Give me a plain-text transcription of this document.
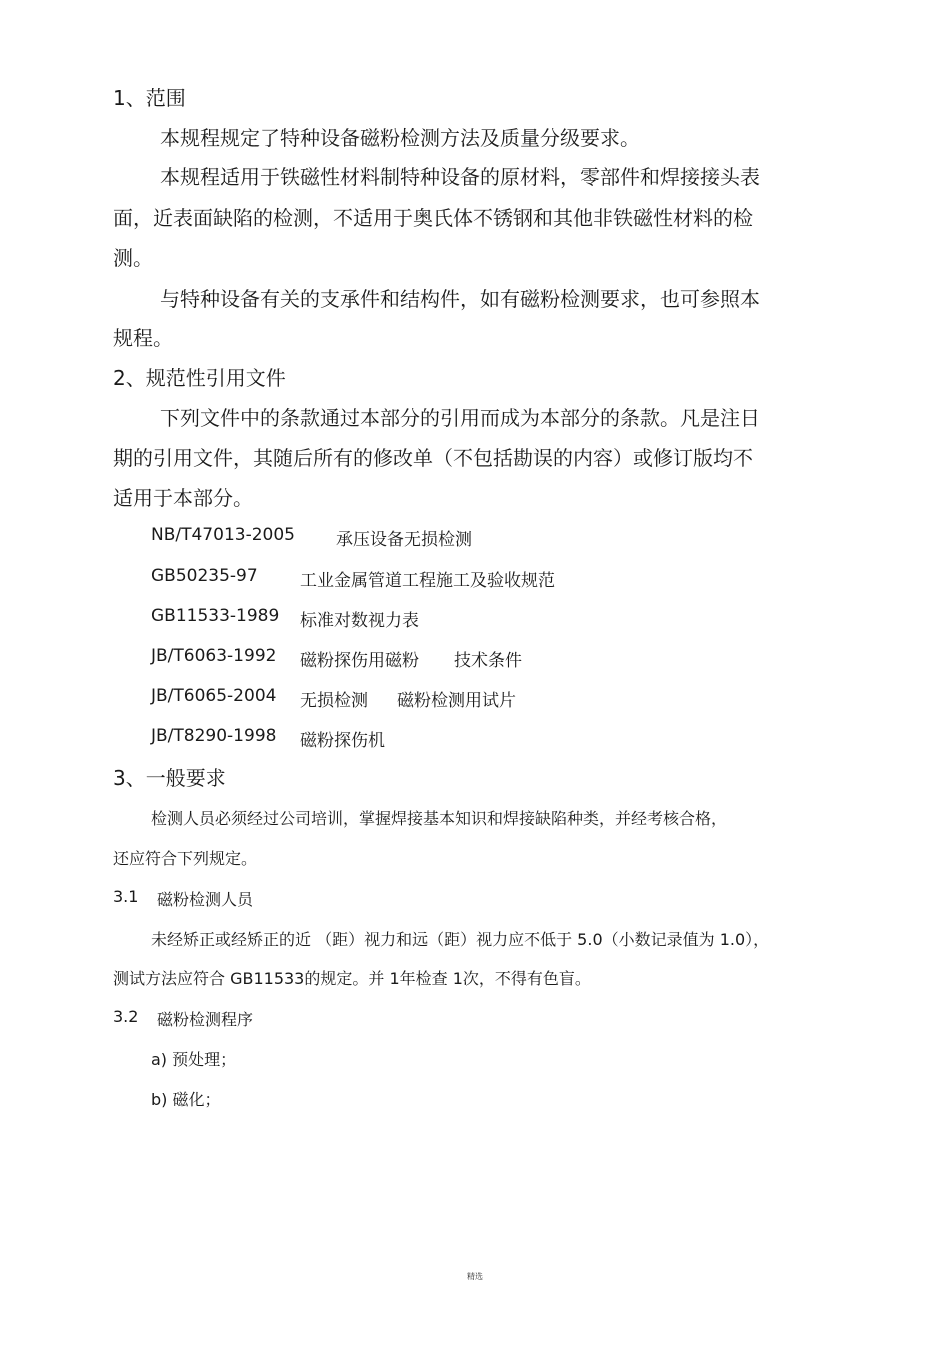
1、范围
本规程规定了特种设备磁粉检测方法及质量分级要求。
本规程适用于铁磁性材料制特种设备的原材料，零部件和焊接接头表
面，近表面缺陷的检测，不适用于奥氏体不锈钢和其他非铁磁性材料的检
测。
与特种设备有关的支承件和结构件，如有磁粉检测要求，也可参照本
规程。
2、规范性引用文件
下列文件中的条款通过本部分的引用而成为本部分的条款。凡是注日
期的引用文件，其随后所有的修改单（不包括勘误的内容）或修订版均不
适用于本部分。
NB/T47013-2005 承压设备无损检测
GB50235-97 工业金属管道工程施工及验收规范
GB11533-1989 标准对数视力表
JB/T6063-1992 磁粉探伤用磁粉 技术条件
JB/T6065-2004 无损检测 磁粉检测用试片
JB/T8290-1998 磁粉探伤机
3、一般要求
检测人员必须经过公司培训，掌握焊接基本知识和焊接缺陷种类，并经考核合格，
还应符合下列规定。
3.1 磁粉检测人员
未经矫正或经矫正的近 （距）视力和远（距）视力应不低于 5.0（小数记录值为 1.0），
测试方法应符合 GB11533的规定。并 1年检查 1次，不得有色盲。
3.2 磁粉检测程序
a) 预处理；
b) 磁化；
精选
